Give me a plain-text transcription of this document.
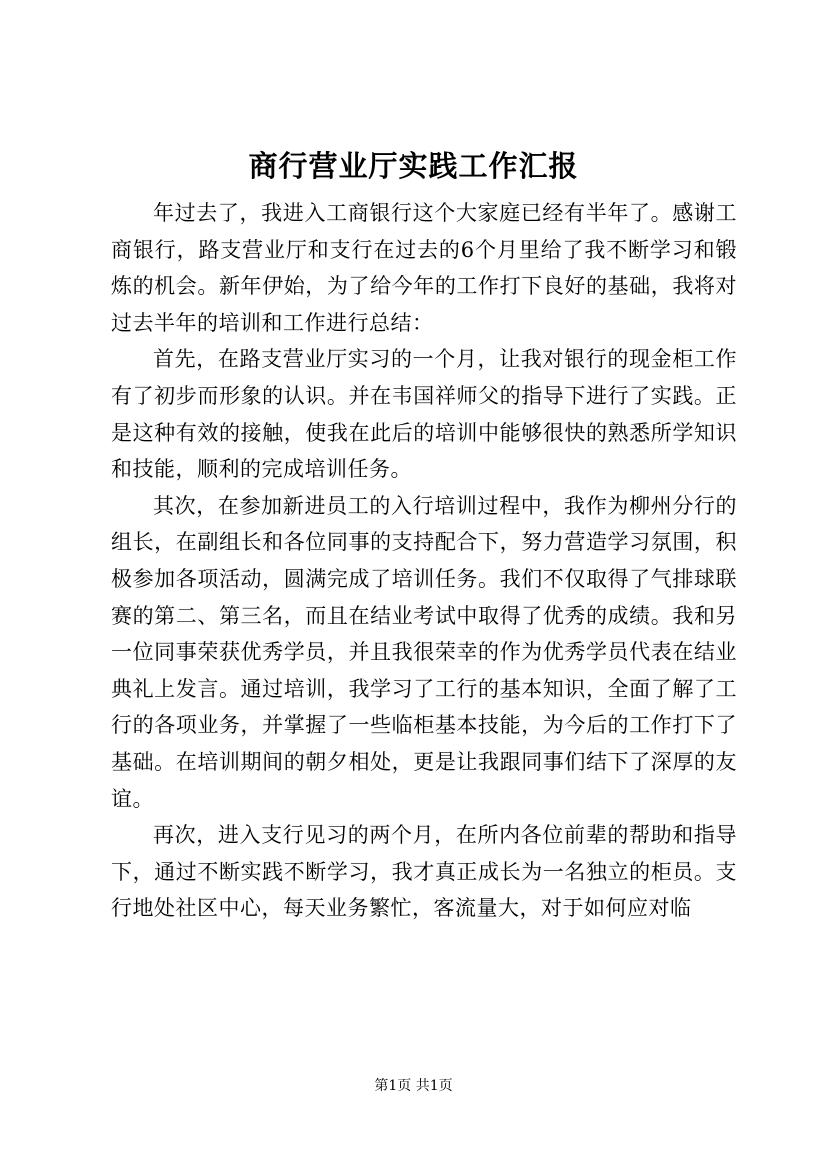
商行营业厅实践工作汇报

年过去了，我进入工商银行这个大家庭已经有半年了。感谢工商银行，路支营业厅和支行在过去的6个月里给了我不断学习和锻炼的机会。新年伊始，为了给今年的工作打下良好的基础，我将对过去半年的培训和工作进行总结：

首先，在路支营业厅实习的一个月，让我对银行的现金柜工作有了初步而形象的认识。并在韦国祥师父的指导下进行了实践。正是这种有效的接触，使我在此后的培训中能够很快的熟悉所学知识和技能，顺利的完成培训任务。

其次，在参加新进员工的入行培训过程中，我作为柳州分行的组长，在副组长和各位同事的支持配合下，努力营造学习氛围，积极参加各项活动，圆满完成了培训任务。我们不仅取得了气排球联赛的第二、第三名，而且在结业考试中取得了优秀的成绩。我和另一位同事荣获优秀学员，并且我很荣幸的作为优秀学员代表在结业典礼上发言。通过培训，我学习了工行的基本知识，全面了解了工行的各项业务，并掌握了一些临柜基本技能，为今后的工作打下了基础。在培训期间的朝夕相处，更是让我跟同事们结下了深厚的友谊。

再次，进入支行见习的两个月，在所内各位前辈的帮助和指导下，通过不断实践不断学习，我才真正成长为一名独立的柜员。支行地处社区中心，每天业务繁忙，客流量大，对于如何应对临

第1页 共1页
